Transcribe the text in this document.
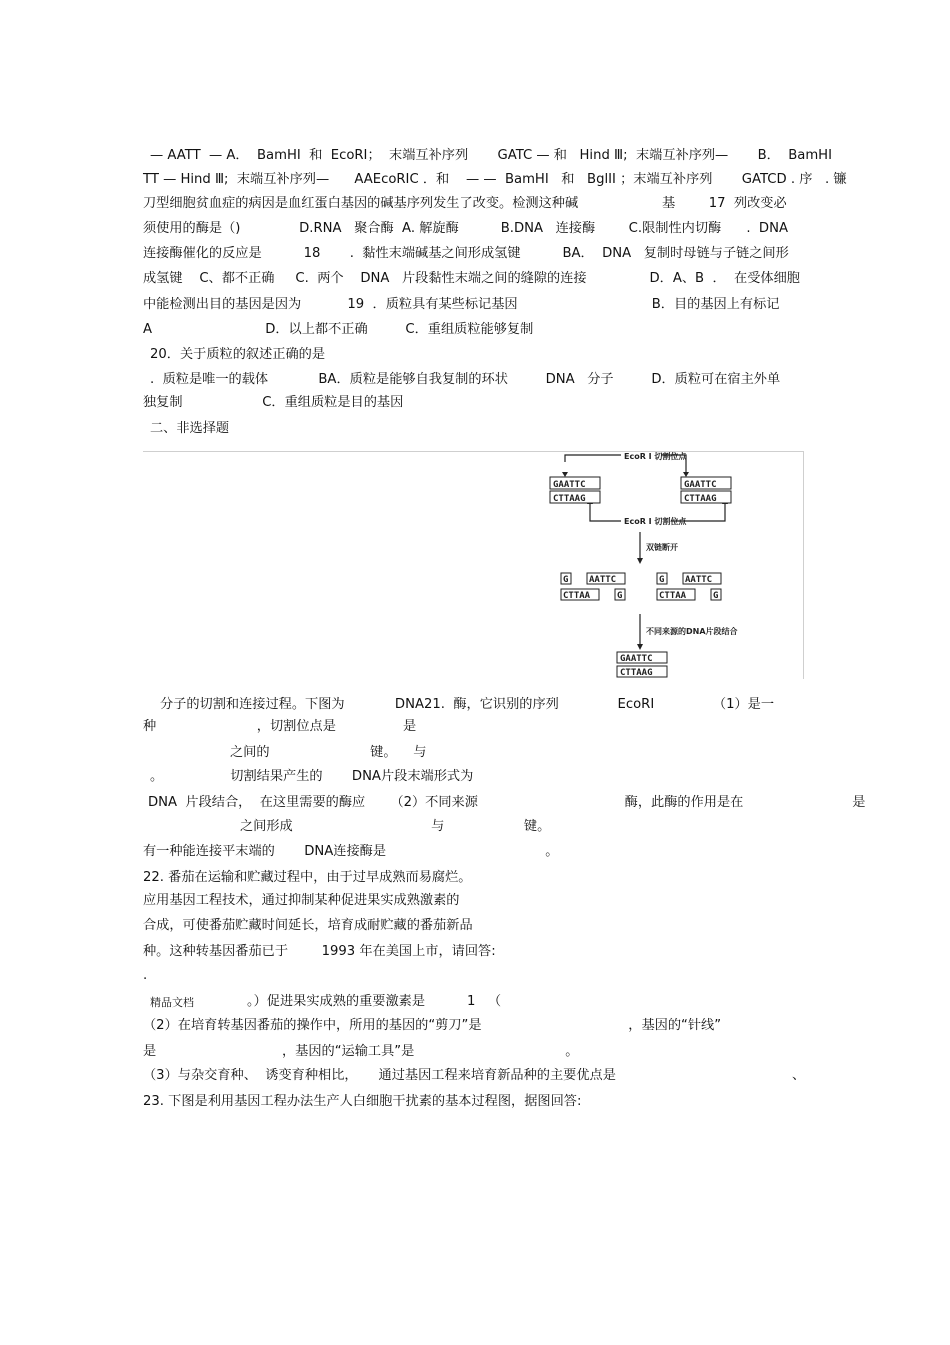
— AATT  — A．  BamHI  和  EcoRI；  末端互补序列       GATC — 和   Hind Ⅲ;  末端互补序列—       B．  BamHI
TT — Hind Ⅲ;  末端互补序列—      AAEcoRIC ．和    — —  BamHI   和   BglII ；末端互补序列       GATCD . 序   . 镰
刀型细胞贫血症的病因是血红蛋白基因的碱基序列发生了改变。检测这种碱                    基        17  列改变必
须使用的酶是（)              D.RNA   聚合酶  A. 解旋酶          B.DNA   连接酶        C.限制性内切酶      .  DNA
连接酶催化的反应是          18       .  黏性末端碱基之间形成氢键          BA．  DNA   复制时母链与子链之间形
成氢键    C、都不正确     C.  两个    DNA   片段黏性末端之间的缝隙的连接               D．A、B  ．  在受体细胞
中能检测出目的基因是因为           19  ．质粒具有某些标记基因                                B．目的基因上有标记
A                           D．以上都不正确         C．重组质粒能够复制
20．关于质粒的叙述正确的是
.  质粒是唯一的载体            BA．质粒是能够自我复制的环状         DNA   分子         D．质粒可在宿主外单
独复制                   C．重组质粒是目的基因
二、非选择题
GAATTC
CTTAAG
GAATTC
CTTAAG
G AATTC
CTTAA	G
G AATTC
CTTAA	G
GAATTC
CTTAAG
EcoR I 切割位点
EcoR I 切割位点
双链断开
不同来源的DNA片段结合
分子的切割和连接过程。下图为            DNA21.  酶，它识别的序列              EcoRI              （1）是一
种                        ，切割位点是                是
之间的                        键。    与
。                切割结果产生的       DNA片段末端形式为
DNA  片段结合，  在这里需要的酶应      （2）不同来源                                   酶，此酶的作用是在                          是
之间形成                                 与                   键。
有一种能连接平末端的       DNA连接酶是                                      。
22. 番茄在运输和贮藏过程中，由于过早成熟而易腐烂。
应用基因工程技术，通过抑制某种促进果实成熟激素的
合成，可使番茄贮藏时间延长，培育成耐贮藏的番茄新品
种。这种转基因番茄已于        1993 年在美国上市，请回答:
.
精品文档	。）促进果实成熟的重要激素是          1   （
（2）在培育转基因番茄的操作中，所用的基因的“剪刀”是                                   ，基因的“针线”
是                              ，基因的“运输工具”是                                    。
（3）与杂交育种、  诱变育种相比，     通过基因工程来培育新品种的主要优点是                                          、
23. 下图是利用基因工程办法生产人白细胞干扰素的基本过程图，据图回答:
